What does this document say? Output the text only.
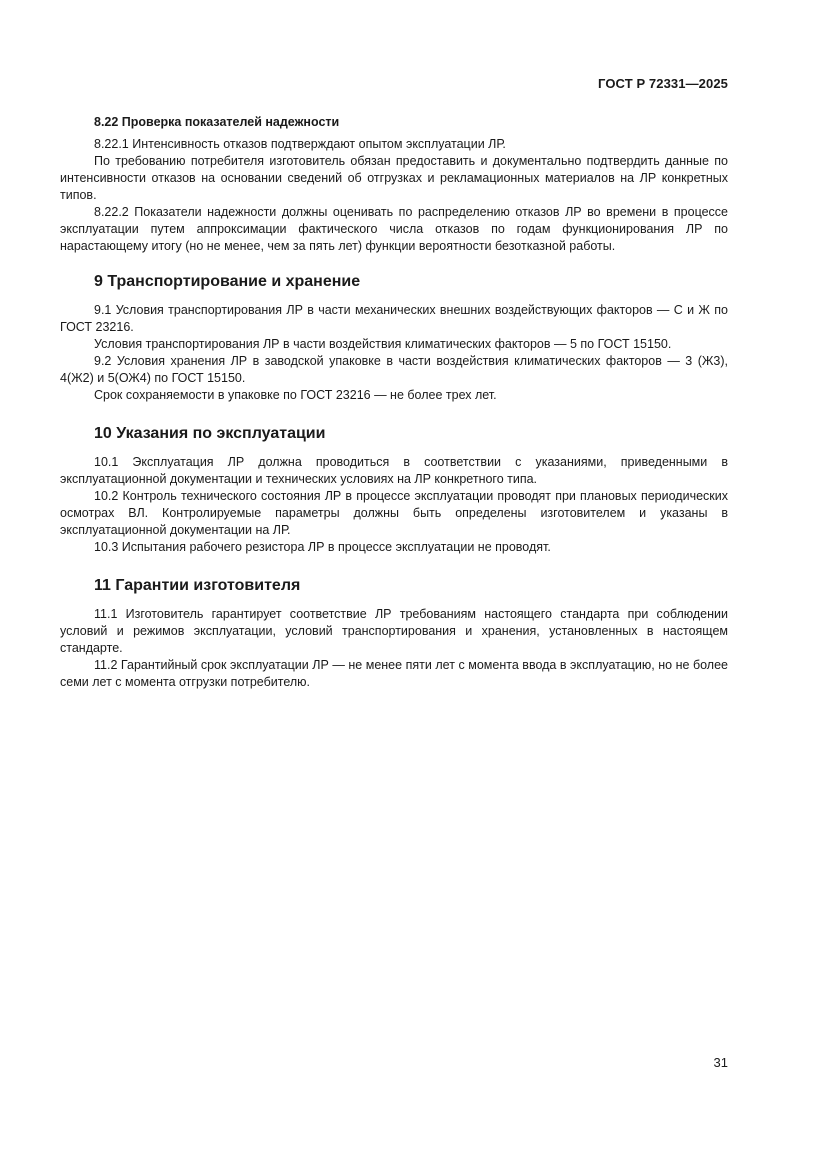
ГОСТ Р 72331—2025
8.22 Проверка показателей надежности

8.22.1 Интенсивность отказов подтверждают опытом эксплуатации ЛР.

По требованию потребителя изготовитель обязан предоставить и документально подтвердить данные по интенсивности отказов на основании сведений об отгрузках и рекламационных материалов на ЛР конкретных типов.

8.22.2 Показатели надежности должны оценивать по распределению отказов ЛР во времени в процессе эксплуатации путем аппроксимации фактического числа отказов по годам функционирования ЛР по нарастающему итогу (но не менее, чем за пять лет) функции вероятности безотказной работы.

9 Транспортирование и хранение

9.1 Условия транспортирования ЛР в части механических внешних воздействующих факторов — С и Ж по ГОСТ 23216.

Условия транспортирования ЛР в части воздействия климатических факторов — 5 по ГОСТ 15150.

9.2 Условия хранения ЛР в заводской упаковке в части воздействия климатических факторов — 3 (Ж3), 4(Ж2) и 5(ОЖ4) по ГОСТ 15150.

Срок сохраняемости в упаковке по ГОСТ 23216 — не более трех лет.

10 Указания по эксплуатации

10.1 Эксплуатация ЛР должна проводиться в соответствии с указаниями, приведенными в эксплуатационной документации и технических условиях на ЛР конкретного типа.

10.2 Контроль технического состояния ЛР в процессе эксплуатации проводят при плановых периодических осмотрах ВЛ. Контролируемые параметры должны быть определены изготовителем и указаны в эксплуатационной документации на ЛР.

10.3 Испытания рабочего резистора ЛР в процессе эксплуатации не проводят.

11 Гарантии изготовителя

11.1 Изготовитель гарантирует соответствие ЛР требованиям настоящего стандарта при соблюдении условий и режимов эксплуатации, условий транспортирования и хранения, установленных в настоящем стандарте.

11.2 Гарантийный срок эксплуатации ЛР — не менее пяти лет с момента ввода в эксплуатацию, но не более семи лет с момента отгрузки потребителю.

31
